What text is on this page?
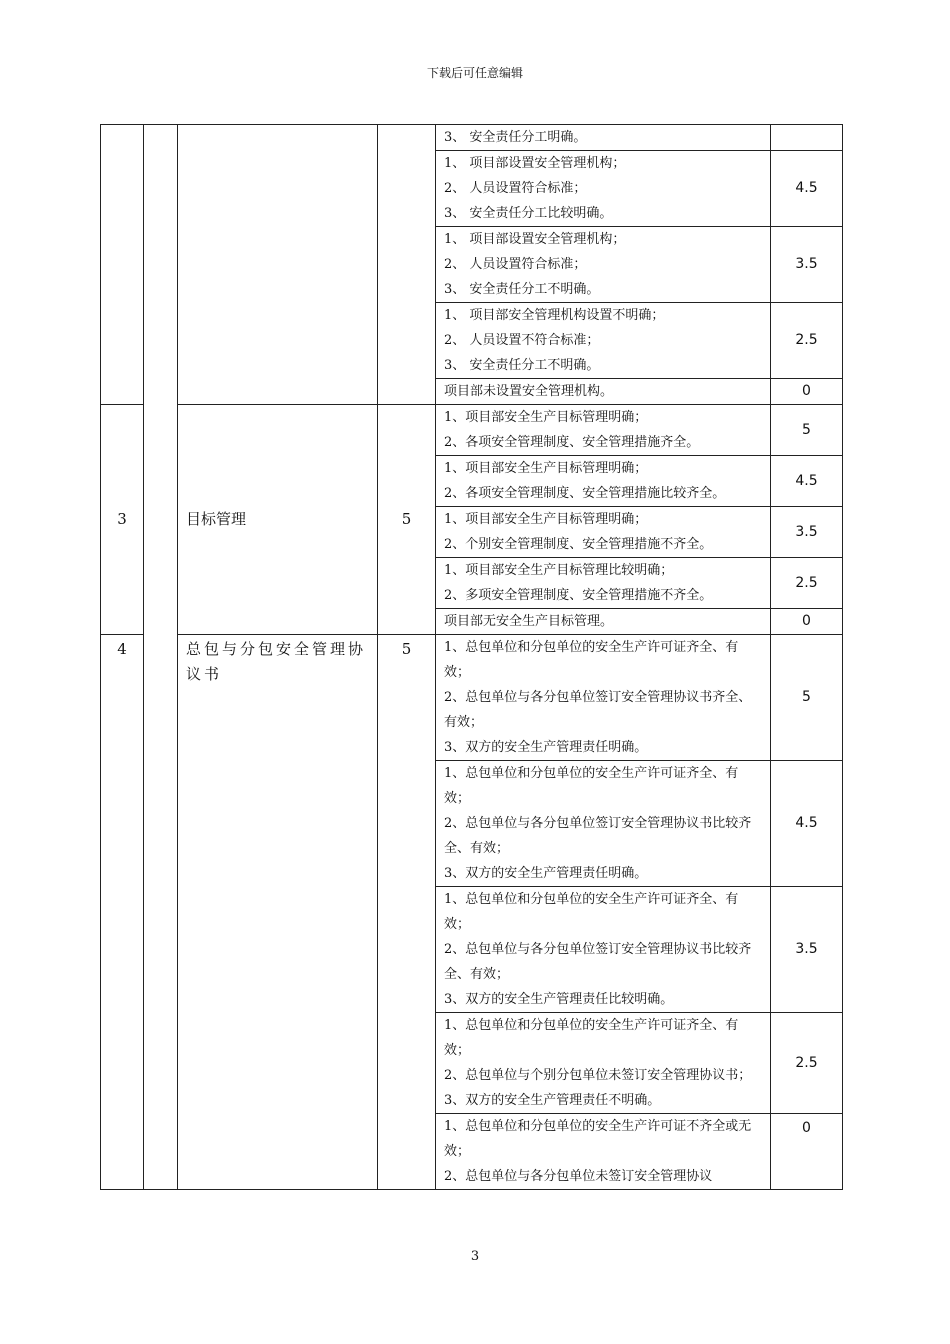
下载后可任意编辑

				3、 安全责任分工明确。	

				1、 项目部设置安全管理机构；
2、 人员设置符合标准；
3、 安全责任分工比较明确。	4.5

				1、 项目部设置安全管理机构；
2、 人员设置符合标准；
3、 安全责任分工不明确。	3.5

				1、 项目部安全管理机构设置不明确；
2、 人员设置不符合标准；
3、 安全责任分工不明确。	2.5

				项目部未设置安全管理机构。	0
3		目标管理	5	1、项目部安全生产目标管理明确；
2、各项安全管理制度、安全管理措施齐全。	5

				1、项目部安全生产目标管理明确；
2、各项安全管理制度、安全管理措施比较齐全。	4.5

				1、项目部安全生产目标管理明确；
2、个别安全管理制度、安全管理措施不齐全。	3.5

				1、项目部安全生产目标管理比较明确；
2、多项安全管理制度、安全管理措施不齐全。	2.5

				项目部无安全生产目标管理。	0
4		总包与分包安全管理协议书	5	1、总包单位和分包单位的安全生产许可证齐全、有效；
2、总包单位与各分包单位签订安全管理协议书齐全、有效；
3、双方的安全生产管理责任明确。	5

				1、总包单位和分包单位的安全生产许可证齐全、有效；
2、总包单位与各分包单位签订安全管理协议书比较齐全、有效；
3、双方的安全生产管理责任明确。	4.5

				1、总包单位和分包单位的安全生产许可证齐全、有效；
2、总包单位与各分包单位签订安全管理协议书比较齐全、有效；
3、双方的安全生产管理责任比较明确。	3.5

				1、总包单位和分包单位的安全生产许可证齐全、有效；
2、总包单位与个别分包单位未签订安全管理协议书；
3、双方的安全生产管理责任不明确。	2.5

				1、总包单位和分包单位的安全生产许可证不齐全或无效；
2、总包单位与各分包单位未签订安全管理协议	0
3
